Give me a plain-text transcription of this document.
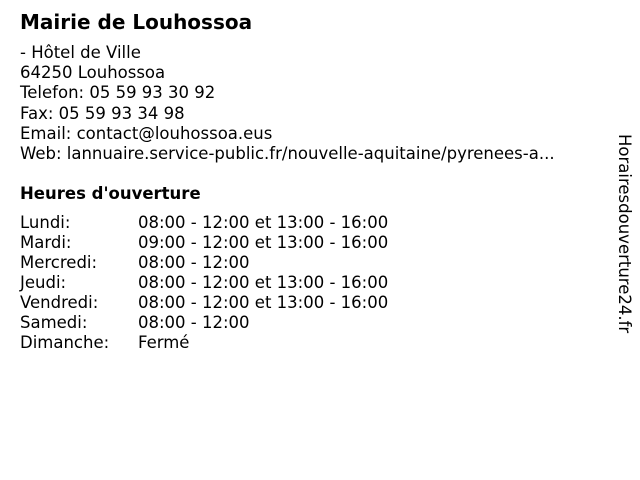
Mairie de Louhossoa
- Hôtel de Ville
64250 Louhossoa
Telefon: 05 59 93 30 92
Fax: 05 59 93 34 98
Email: contact@louhossoa.eus
Web: lannuaire.service-public.fr/nouvelle-aquitaine/pyrenees-a...
Heures d'ouverture
Lundi:	08:00 - 12:00 et 13:00 - 16:00
Mardi:	09:00 - 12:00 et 13:00 - 16:00
Mercredi: 08:00 - 12:00
Jeudi:	08:00 - 12:00 et 13:00 - 16:00
Vendredi: 08:00 - 12:00 et 13:00 - 16:00
Samedi:	08:00 - 12:00
Dimanche: Fermé
Horairesdouverture24.fr
